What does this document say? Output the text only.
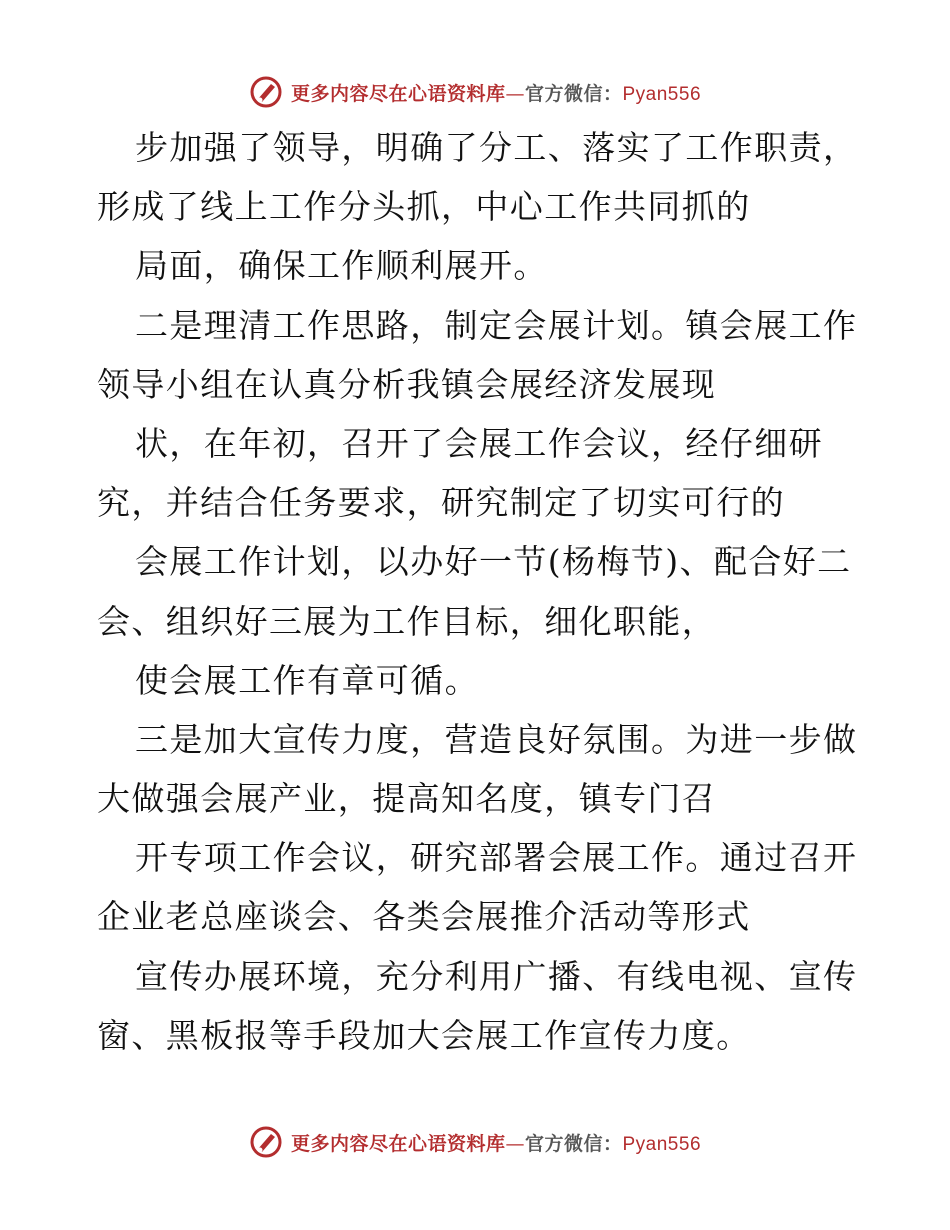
更多内容尽在心语资料库—官方微信：Pyan556
步加强了领导，明确了分工、落实了工作职责，
形成了线上工作分头抓，中心工作共同抓的
局面，确保工作顺利展开。
二是理清工作思路，制定会展计划。镇会展工作
领导小组在认真分析我镇会展经济发展现
状，在年初，召开了会展工作会议，经仔细研
究，并结合任务要求，研究制定了切实可行的
会展工作计划，以办好一节(杨梅节)、配合好二
会、组织好三展为工作目标，细化职能，
使会展工作有章可循。
三是加大宣传力度，营造良好氛围。为进一步做
大做强会展产业，提高知名度，镇专门召
开专项工作会议，研究部署会展工作。通过召开
企业老总座谈会、各类会展推介活动等形式
宣传办展环境，充分利用广播、有线电视、宣传
窗、黑板报等手段加大会展工作宣传力度。
更多内容尽在心语资料库—官方微信：Pyan556
